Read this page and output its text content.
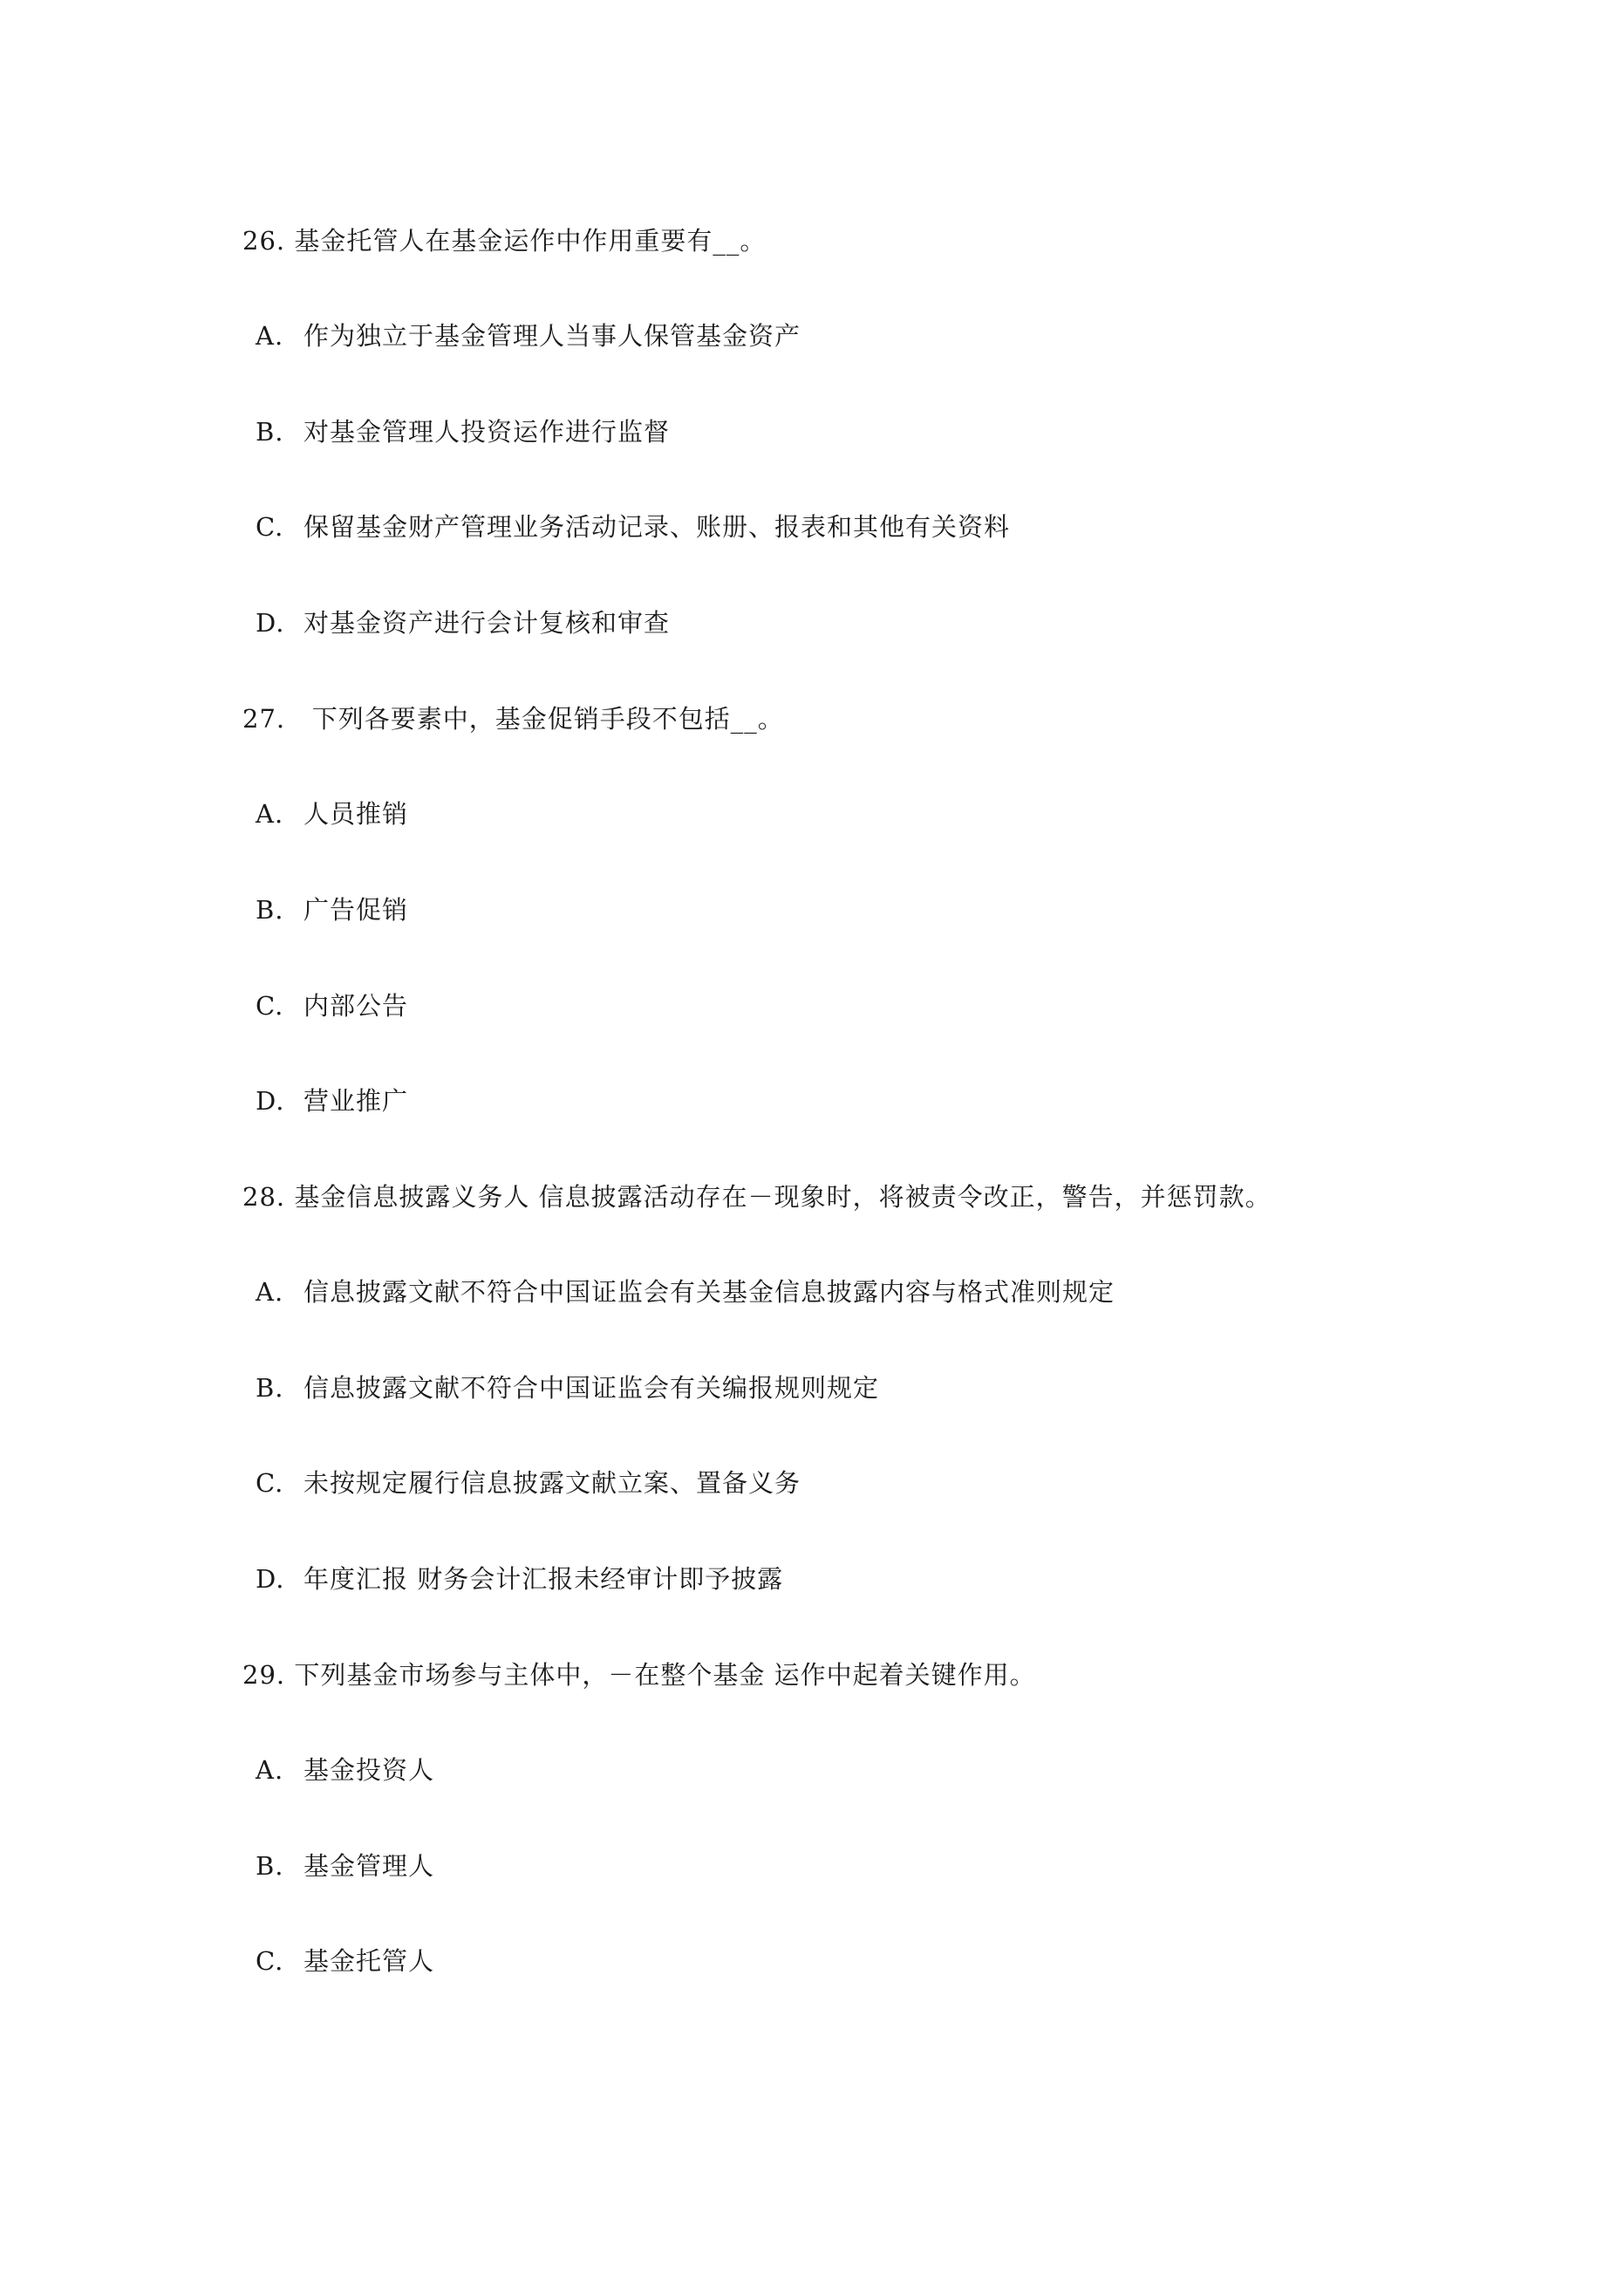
26. 基金托管人在基金运作中作用重要有__。
A. 作为独立于基金管理人当事人保管基金资产
B. 对基金管理人投资运作进行监督
C. 保留基金财产管理业务活动记录、账册、报表和其他有关资料
D. 对基金资产进行会计复核和审查
27.   下列各要素中，基金促销手段不包括__。
A. 人员推销
B. 广告促销
C. 内部公告
D. 营业推广
28. 基金信息披露义务人 信息披露活动存在－现象时，将被责令改正，警告，并惩罚款。
A. 信息披露文献不符合中国证监会有关基金信息披露内容与格式准则规定
B. 信息披露文献不符合中国证监会有关编报规则规定
C. 未按规定履行信息披露文献立案、置备义务
D. 年度汇报 财务会计汇报未经审计即予披露
29. 下列基金市场参与主体中，－在整个基金 运作中起着关键作用。
A. 基金投资人
B. 基金管理人
C. 基金托管人
